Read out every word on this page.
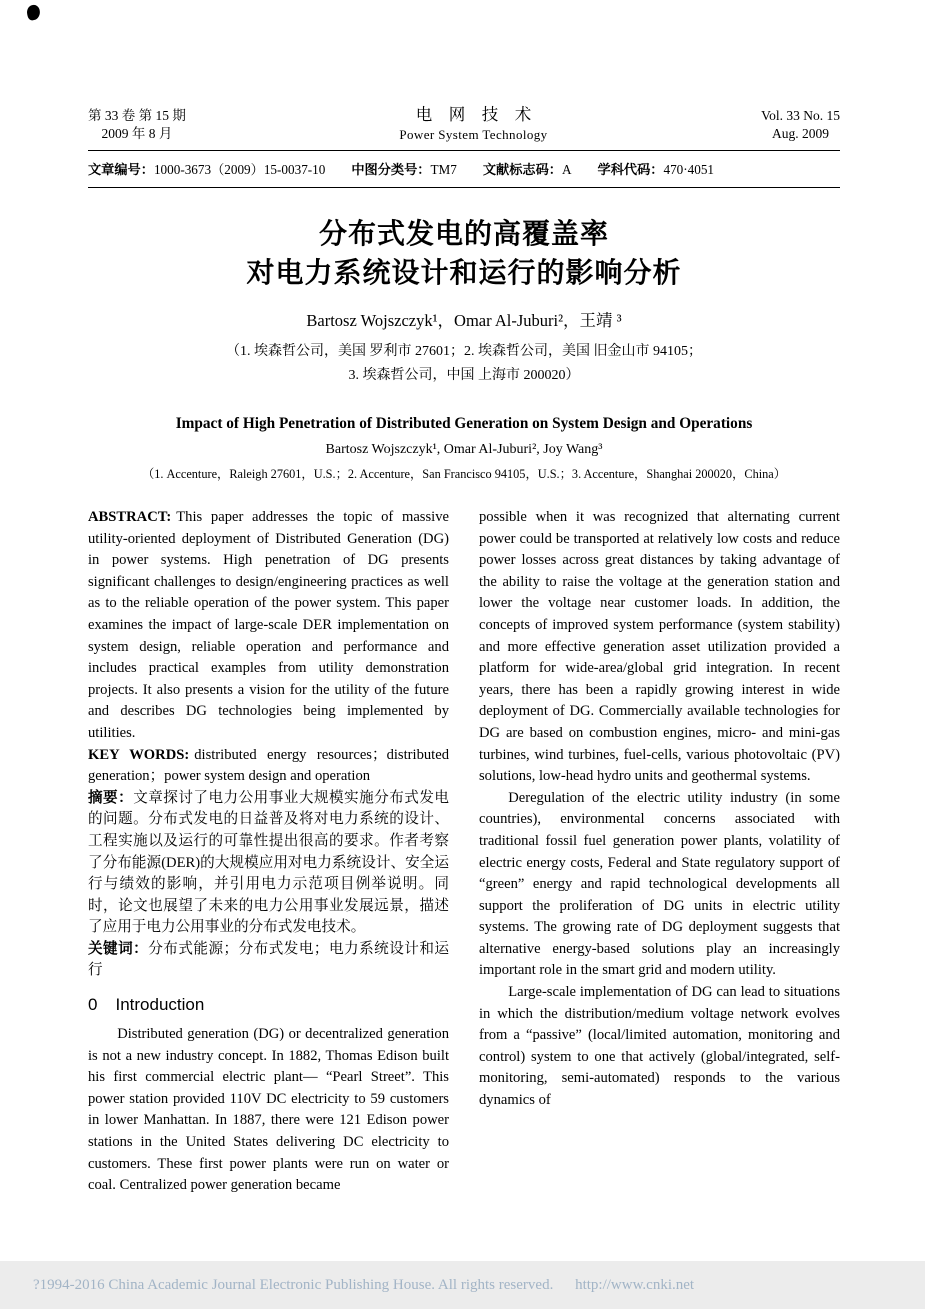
第 33 卷 第 15 期
2009 年 8 月
电　网　技　术
Power System Technology
Vol. 33 No. 15
Aug. 2009
文章编号：1000-3673（2009）15-0037-10 中图分类号：TM7 文献标志码：A 学科代码：470·4051
分布式发电的高覆盖率
对电力系统设计和运行的影响分析
Bartosz Wojszczyk¹，Omar Al-Juburi²，王靖 ³
（1. 埃森哲公司，美国 罗利市 27601；2. 埃森哲公司，美国 旧金山市 94105；
3. 埃森哲公司，中国 上海市 200020）
Impact of High Penetration of Distributed Generation on System Design and Operations
Bartosz Wojszczyk¹, Omar Al-Juburi², Joy Wang³
（1. Accenture，Raleigh 27601，U.S.；2. Accenture，San Francisco 94105，U.S.；3. Accenture，Shanghai 200020，China）

ABSTRACT: This paper addresses the topic of massive utility-oriented deployment of Distributed Generation (DG) in power systems. High penetration of DG presents significant challenges to design/engineering practices as well as to the reliable operation of the power system. This paper examines the impact of large-scale DER implementation on system design, reliable operation and performance and includes practical examples from utility demonstration projects. It also presents a vision for the utility of the future and describes DG technologies being implemented by utilities.

KEY WORDS: distributed energy resources；distributed generation；power system design and operation

摘要：文章探讨了电力公用事业大规模实施分布式发电的问题。分布式发电的日益普及将对电力系统的设计、工程实施以及运行的可靠性提出很高的要求。作者考察了分布能源(DER)的大规模应用对电力系统设计、安全运行与绩效的影响，并引用电力示范项目例举说明。同时，论文也展望了未来的电力公用事业发展远景，描述了应用于电力公用事业的分布式发电技术。

关键词：分布式能源；分布式发电；电力系统设计和运行

0 Introduction

Distributed generation (DG) or decentralized generation is not a new industry concept. In 1882, Thomas Edison built his first commercial electric plant— “Pearl Street”. This power station provided 110V DC electricity to 59 customers in lower Manhattan. In 1887, there were 121 Edison power stations in the United States delivering DC electricity to customers. These first power plants were run on water or coal. Centralized power generation became

possible when it was recognized that alternating current power could be transported at relatively low costs and reduce power losses across great distances by taking advantage of the ability to raise the voltage at the generation station and lower the voltage near customer loads. In addition, the concepts of improved system performance (system stability) and more effective generation asset utilization provided a platform for wide-area/global grid integration. In recent years, there has been a rapidly growing interest in wide deployment of DG. Commercially available technologies for DG are based on combustion engines, micro- and mini-gas turbines, wind turbines, fuel-cells, various photovoltaic (PV) solutions, low-head hydro units and geothermal systems.

Deregulation of the electric utility industry (in some countries), environmental concerns associated with traditional fossil fuel generation power plants, volatility of electric energy costs, Federal and State regulatory support of “green” energy and rapid technological developments all support the proliferation of DG units in electric utility systems. The growing rate of DG deployment suggests that alternative energy-based solutions play an increasingly important role in the smart grid and modern utility.

Large-scale implementation of DG can lead to situations in which the distribution/medium voltage network evolves from a “passive” (local/limited automation, monitoring and control) system to one that actively (global/integrated, self-monitoring, semi-automated) responds to the various dynamics of

?1994-2016 China Academic Journal Electronic Publishing House. All rights reserved. http://www.cnki.net
